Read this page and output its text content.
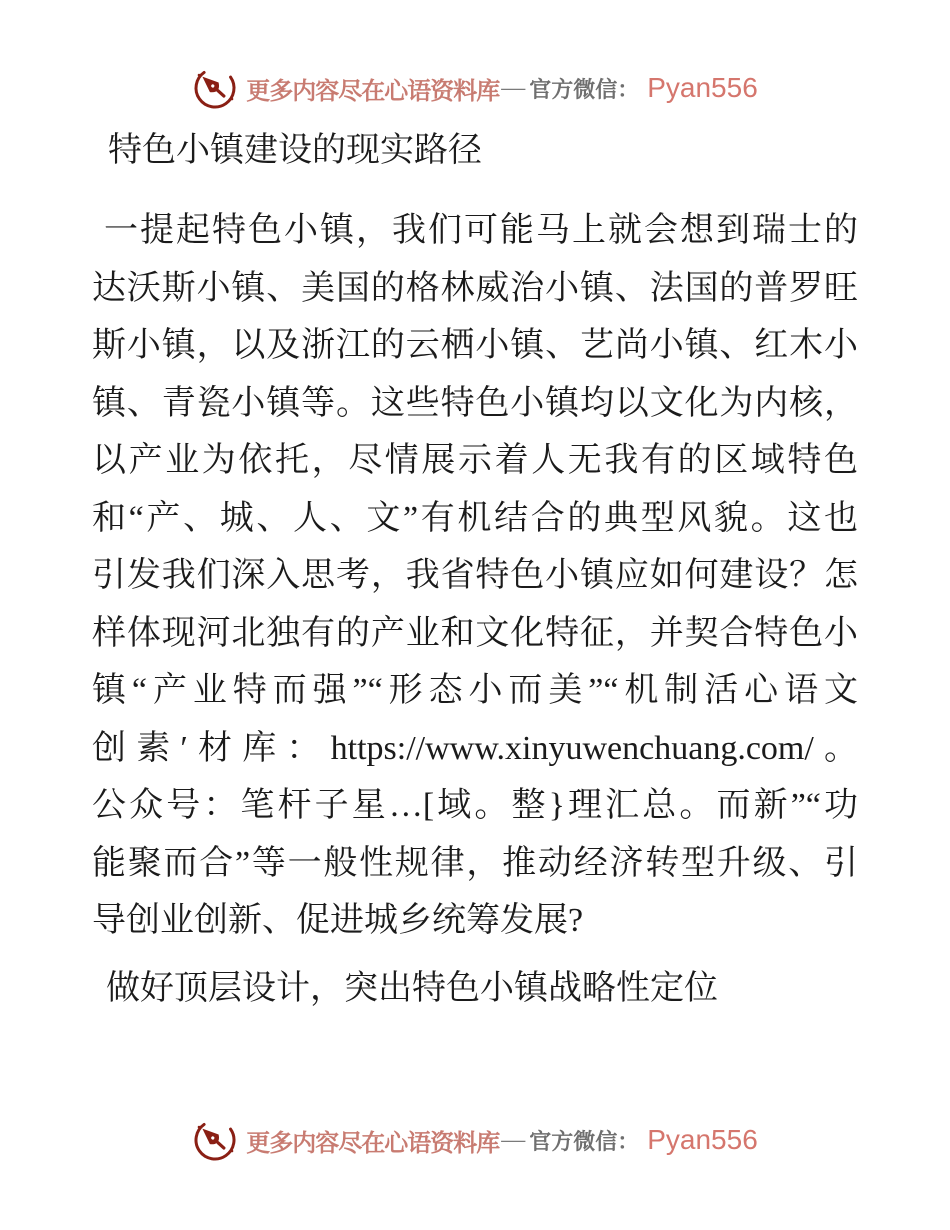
更多内容尽在心语资料库 — 官方微信： Pyan556
特色小镇建设的现实路径
一提起特色小镇，我们可能马上就会想到瑞士的
达沃斯小镇、美国的格林威治小镇、法国的普罗旺
斯小镇，以及浙江的云栖小镇、艺尚小镇、红木小
镇、青瓷小镇等。这些特色小镇均以文化为内核，
以产业为依托，尽情展示着人无我有的区域特色
和“产、城、人、文”有机结合的典型风貌。这也
引发我们深入思考，我省特色小镇应如何建设？怎
样体现河北独有的产业和文化特征，并契合特色小
镇“产业特而强”“形态小而美”“机制活心语文
创素′材库：https://www.xinyuwenchuang.com/。
公众号：笔杆子星…[域。整}理汇总。而新”“功
能聚而合”等一般性规律，推动经济转型升级、引
导创业创新、促进城乡统筹发展?
做好顶层设计，突出特色小镇战略性定位
更多内容尽在心语资料库 — 官方微信： Pyan556
